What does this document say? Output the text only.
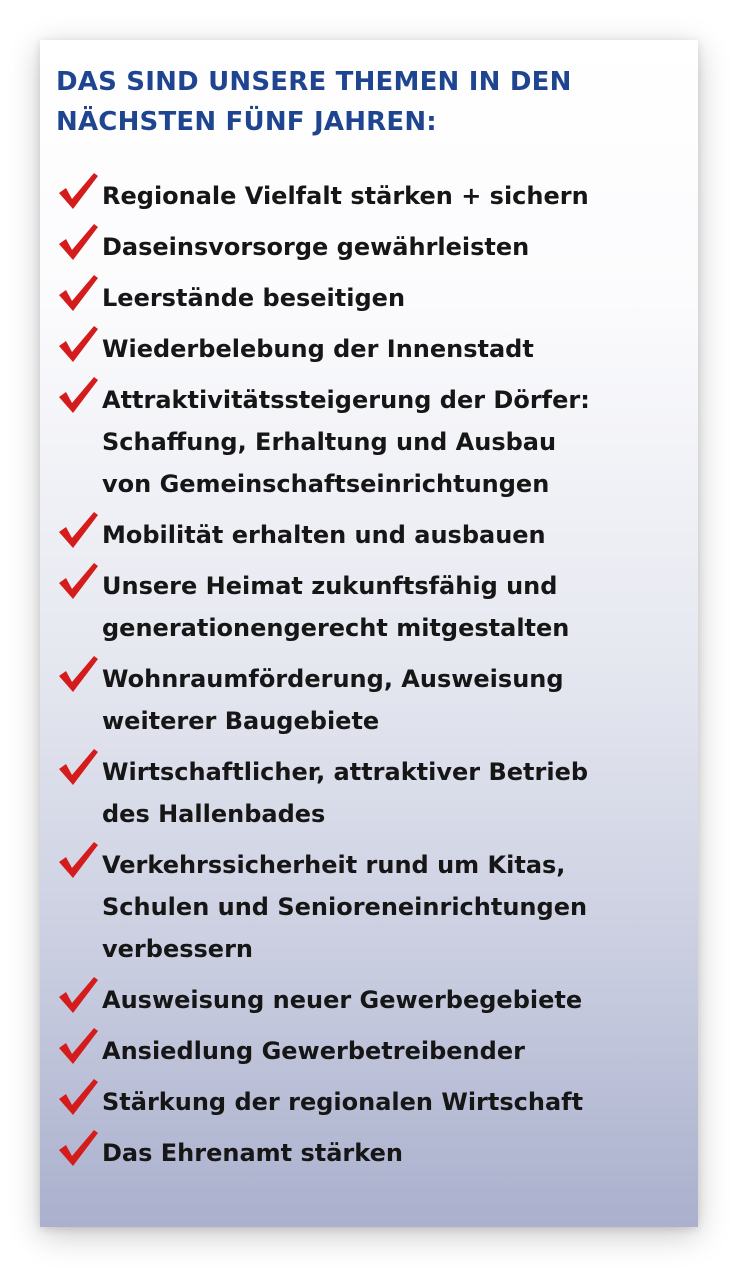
DAS SIND UNSERE THEMEN IN DEN
NÄCHSTEN FÜNF JAHREN:
Regionale Vielfalt stärken + sichern
Daseinsvorsorge gewährleisten
Leerstände beseitigen
Wiederbelebung der Innenstadt
Attraktivitätssteigerung der Dörfer:
Schaffung, Erhaltung und Ausbau
von Gemeinschaftseinrichtungen
Mobilität erhalten und ausbauen
Unsere Heimat zukunftsfähig und
generationengerecht mitgestalten
Wohnraumförderung, Ausweisung
weiterer Baugebiete
Wirtschaftlicher, attraktiver Betrieb
des Hallenbades
Verkehrssicherheit rund um Kitas,
Schulen und Senioreneinrichtungen
verbessern
Ausweisung neuer Gewerbegebiete
Ansiedlung Gewerbetreibender
Stärkung der regionalen Wirtschaft
Das Ehrenamt stärken
